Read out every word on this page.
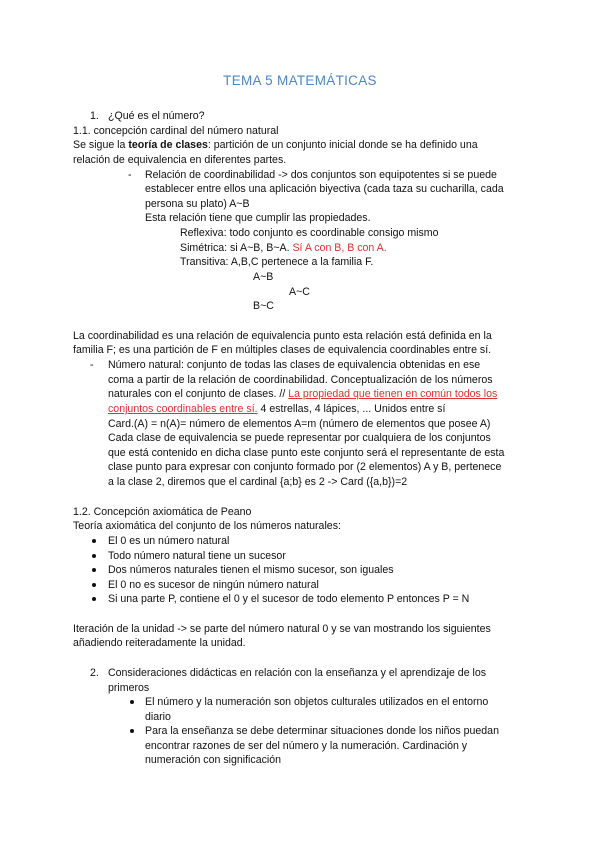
TEMA 5 MATEMÁTICAS
1. ¿Qué es el número?
1.1. concepción cardinal del número natural
Se sigue la teoría de clases: partición de un conjunto inicial donde se ha definido una
relación de equivalencia en diferentes partes.
- Relación de coordinabilidad -> dos conjuntos son equipotentes si se puede
establecer entre ellos una aplicación biyectiva (cada taza su cucharilla, cada
persona su plato) A~B
Esta relación tiene que cumplir las propiedades.
Reflexiva: todo conjunto es coordinable consigo mismo
Simétrica: si A~B, B~A. Sí A con B, B con A.
Transitiva: A,B,C pertenece a la familia F.
A~B
A~C
B~C
La coordinabilidad es una relación de equivalencia punto esta relación está definida en la
familia F; es una partición de F en múltiples clases de equivalencia coordinables entre sí.
- Número natural: conjunto de todas las clases de equivalencia obtenidas en ese
coma a partir de la relación de coordinabilidad. Conceptualización de los números
naturales con el conjunto de clases. // La propiedad que tienen en común todos los
conjuntos coordinables entre sí. 4 estrellas, 4 lápices, ... Unidos entre sí
Card.(A) = n(A)= número de elementos A=m (número de elementos que posee A)
Cada clase de equivalencia se puede representar por cualquiera de los conjuntos
que está contenido en dicha clase punto este conjunto será el representante de esta
clase punto para expresar con conjunto formado por (2 elementos) A y B, pertenece
a la clase 2, diremos que el cardinal {a;b} es 2 -> Card ({a,b})=2
1.2. Concepción axiomática de Peano
Teoría axiomática del conjunto de los números naturales:
El 0 es un número natural
Todo número natural tiene un sucesor
Dos números naturales tienen el mismo sucesor, son iguales
El 0 no es sucesor de ningún número natural
Si una parte P, contiene el 0 y el sucesor de todo elemento P entonces P = N
Iteración de la unidad -> se parte del número natural 0 y se van mostrando los siguientes
añadiendo reiteradamente la unidad.
2. Consideraciones didácticas en relación con la enseñanza y el aprendizaje de los
primeros
El número y la numeración son objetos culturales utilizados en el entorno
diario
Para la enseñanza se debe determinar situaciones donde los niños puedan
encontrar razones de ser del número y la numeración. Cardinación y
numeración con significación
